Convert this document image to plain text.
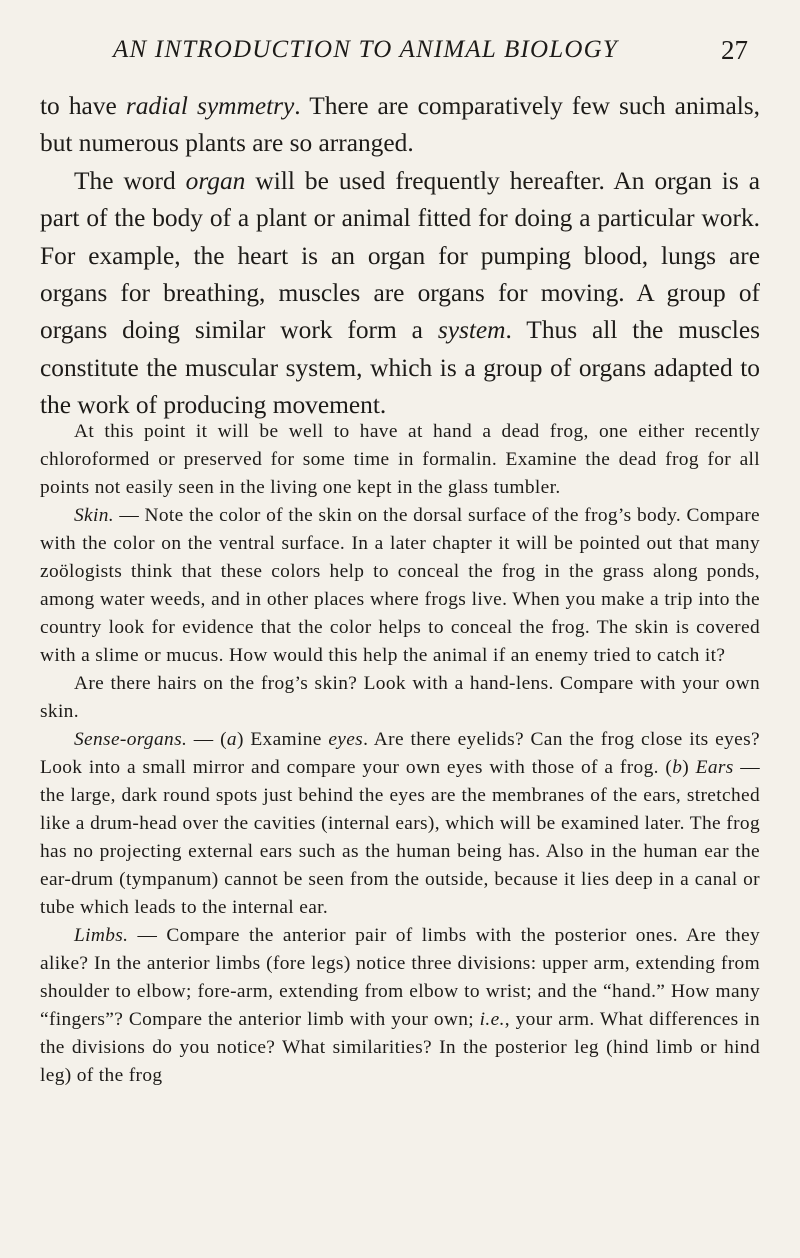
AN INTRODUCTION TO ANIMAL BIOLOGY	27

to have radial symmetry. There are comparatively few such animals, but numerous plants are so arranged.

The word organ will be used frequently hereafter. An organ is a part of the body of a plant or animal fitted for doing a particular work. For example, the heart is an organ for pumping blood, lungs are organs for breathing, muscles are organs for moving. A group of organs doing similar work form a system. Thus all the muscles constitute the muscular system, which is a group of organs adapted to the work of producing movement.

At this point it will be well to have at hand a dead frog, one either recently chloroformed or preserved for some time in formalin. Examine the dead frog for all points not easily seen in the living one kept in the glass tumbler.

Skin. — Note the color of the skin on the dorsal surface of the frog’s body. Compare with the color on the ventral surface. In a later chapter it will be pointed out that many zoölogists think that these colors help to conceal the frog in the grass along ponds, among water weeds, and in other places where frogs live. When you make a trip into the country look for evidence that the color helps to conceal the frog. The skin is covered with a slime or mucus. How would this help the animal if an enemy tried to catch it?

Are there hairs on the frog’s skin? Look with a hand-lens. Compare with your own skin.

Sense-organs. — (a) Examine eyes. Are there eyelids? Can the frog close its eyes? Look into a small mirror and compare your own eyes with those of a frog. (b) Ears — the large, dark round spots just behind the eyes are the membranes of the ears, stretched like a drum-head over the cavities (internal ears), which will be examined later. The frog has no projecting external ears such as the human being has. Also in the human ear the ear-drum (tympanum) cannot be seen from the outside, because it lies deep in a canal or tube which leads to the internal ear.

Limbs. — Compare the anterior pair of limbs with the posterior ones. Are they alike? In the anterior limbs (fore legs) notice three divisions: upper arm, extending from shoulder to elbow; fore-arm, extending from elbow to wrist; and the “hand.” How many “fingers”? Compare the anterior limb with your own; i.e., your arm. What differences in the divisions do you notice? What similarities? In the posterior leg (hind limb or hind leg) of the frog
